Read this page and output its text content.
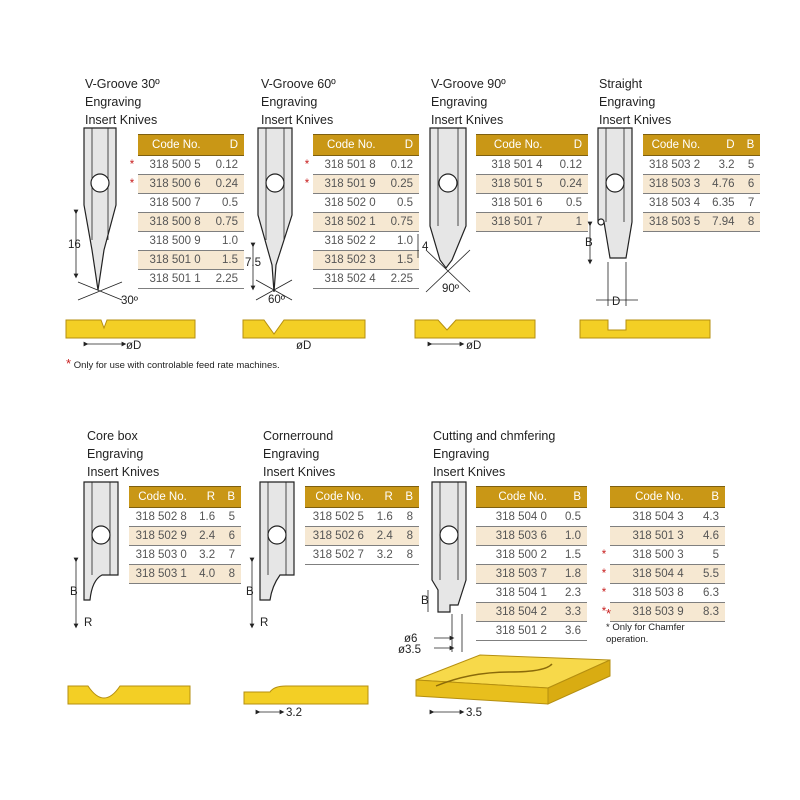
V-Groove 30º
Engraving
Insert Knives
V-Groove 60º
Engraving
Insert Knives
V-Groove 90º
Engraving
Insert Knives
Straight
Engraving
Insert Knives
Core box
Engraving
Insert Knives
Cornerround
Engraving
Insert Knives
Cutting and chmfering
Engraving
Insert Knives
	Code No.	D
*	318 500 5	0.12
*	318 500 6	0.24
	318 500 7	0.5
	318 500 8	0.75
	318 500 9	1.0
	318 501 0	1.5
	318 501 1	2.25
	Code No.	D
*	318 501 8	0.12
*	318 501 9	0.25
	318 502 0	0.5
	318 502 1	0.75
	318 502 2	1.0
	318 502 3	1.5
	318 502 4	2.25
Code No.	D
318 501 4	0.12
318 501 5	0.24
318 501 6	0.5
318 501 7	1
Code No.	D	B
318 503 2	3.2	5
318 503 3	4.76	6
318 503 4	6.35	7
318 503 5	7.94	8
Code No.	R	B
318 502 8	1.6	5
318 502 9	2.4	6
318 503 0	3.2	7
318 503 1	4.0	8
Code No.	R	B
318 502 5	1.6	8
318 502 6	2.4	8
318 502 7	3.2	8
Code No.	B
318 504 0	0.5
318 503 6	1.0
318 500 2	1.5
318 503 7	1.8
318 504 1	2.3
318 504 2	3.3
318 501 2	3.6
	Code No.	B
	318 504 3	4.3
	318 501 3	4.6
*	318 500 3	5
*	318 504 4	5.5
*	318 503 8	6.3
*	318 503 9	8.3
* Only for use with controlable feed rate machines.
*
* Only for Chamfer
operation.
16
30º
7.5
60º
4
90º
B
D
øD	øD	øD
B
R
B
R
B
ø6
ø3.5
3.2	3.5
